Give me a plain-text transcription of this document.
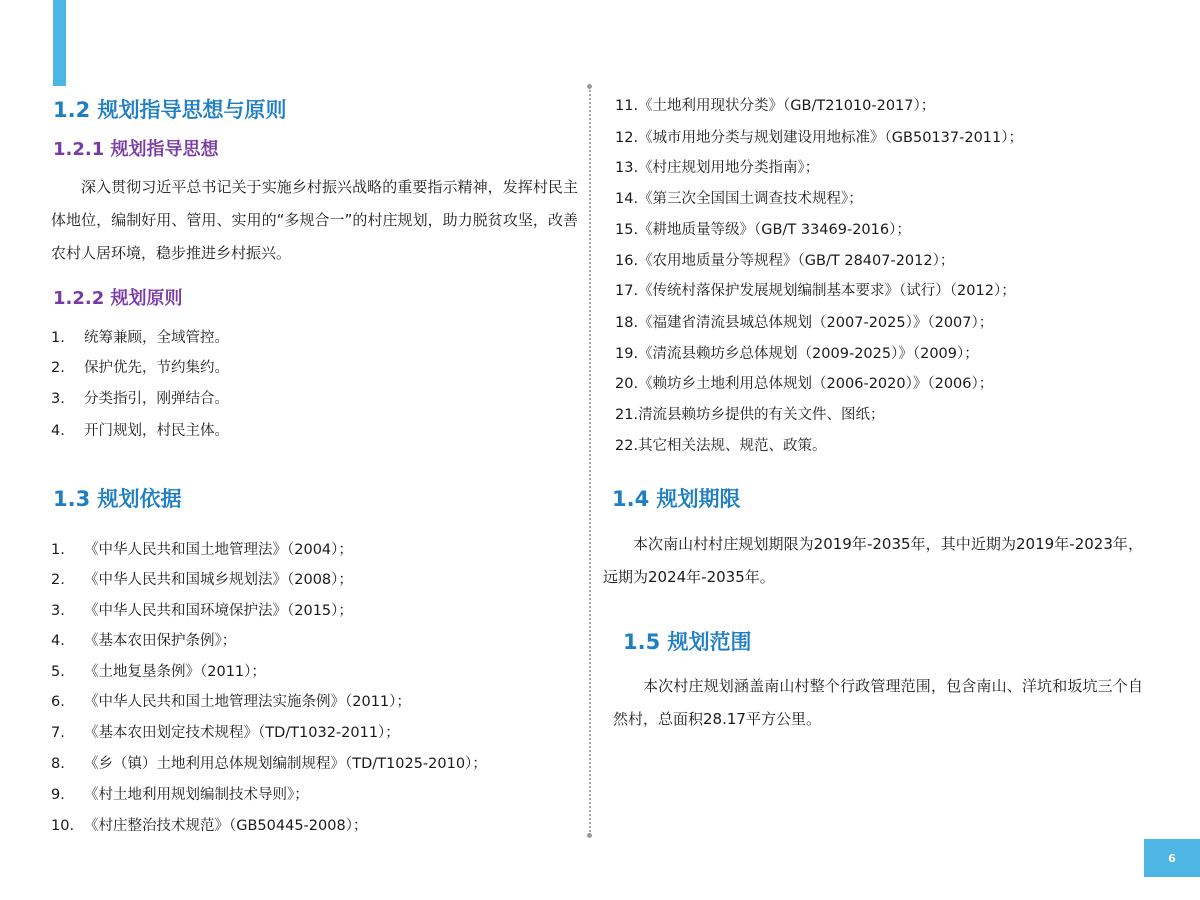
1.2 规划指导思想与原则
1.2.1 规划指导思想
深入贯彻习近平总书记关于实施乡村振兴战略的重要指示精神，发挥村民主体地位，编制好用、管用、实用的“多规合一”的村庄规划，助力脱贫攻坚，改善农村人居环境，稳步推进乡村振兴。
1.2.2 规划原则
1. 统筹兼顾，全域管控。
2. 保护优先，节约集约。
3. 分类指引，刚弹结合。
4. 开门规划，村民主体。
1.3 规划依据
1. 《中华人民共和国土地管理法》（2004）；
2. 《中华人民共和国城乡规划法》（2008）；
3. 《中华人民共和国环境保护法》（2015）；
4. 《基本农田保护条例》；
5. 《土地复垦条例》（2011）；
6. 《中华人民共和国土地管理法实施条例》（2011）；
7. 《基本农田划定技术规程》（TD/T1032-2011）；
8. 《乡（镇）土地利用总体规划编制规程》（TD/T1025-2010）；
9. 《村土地利用规划编制技术导则》；
10. 《村庄整治技术规范》（GB50445-2008）；
11.《土地利用现状分类》（GB/T21010-2017）；
12.《城市用地分类与规划建设用地标准》（GB50137-2011）；
13.《村庄规划用地分类指南》；
14.《第三次全国国土调查技术规程》；
15.《耕地质量等级》（GB/T 33469-2016）；
16.《农用地质量分等规程》（GB/T 28407-2012）；
17.《传统村落保护发展规划编制基本要求》（试行）（2012）；
18.《福建省清流县城总体规划（2007-2025）》（2007）；
19.《清流县赖坊乡总体规划（2009-2025）》（2009）；
20.《赖坊乡土地利用总体规划（2006-2020）》（2006）；
21.清流县赖坊乡提供的有关文件、图纸；
22.其它相关法规、规范、政策。
1.4 规划期限
本次南山村村庄规划期限为2019年-2035年，其中近期为2019年-2023年，远期为2024年-2035年。
1.5 规划范围
本次村庄规划涵盖南山村整个行政管理范围，包含南山、洋坑和坂坑三个自然村，总面积28.17平方公里。
6
